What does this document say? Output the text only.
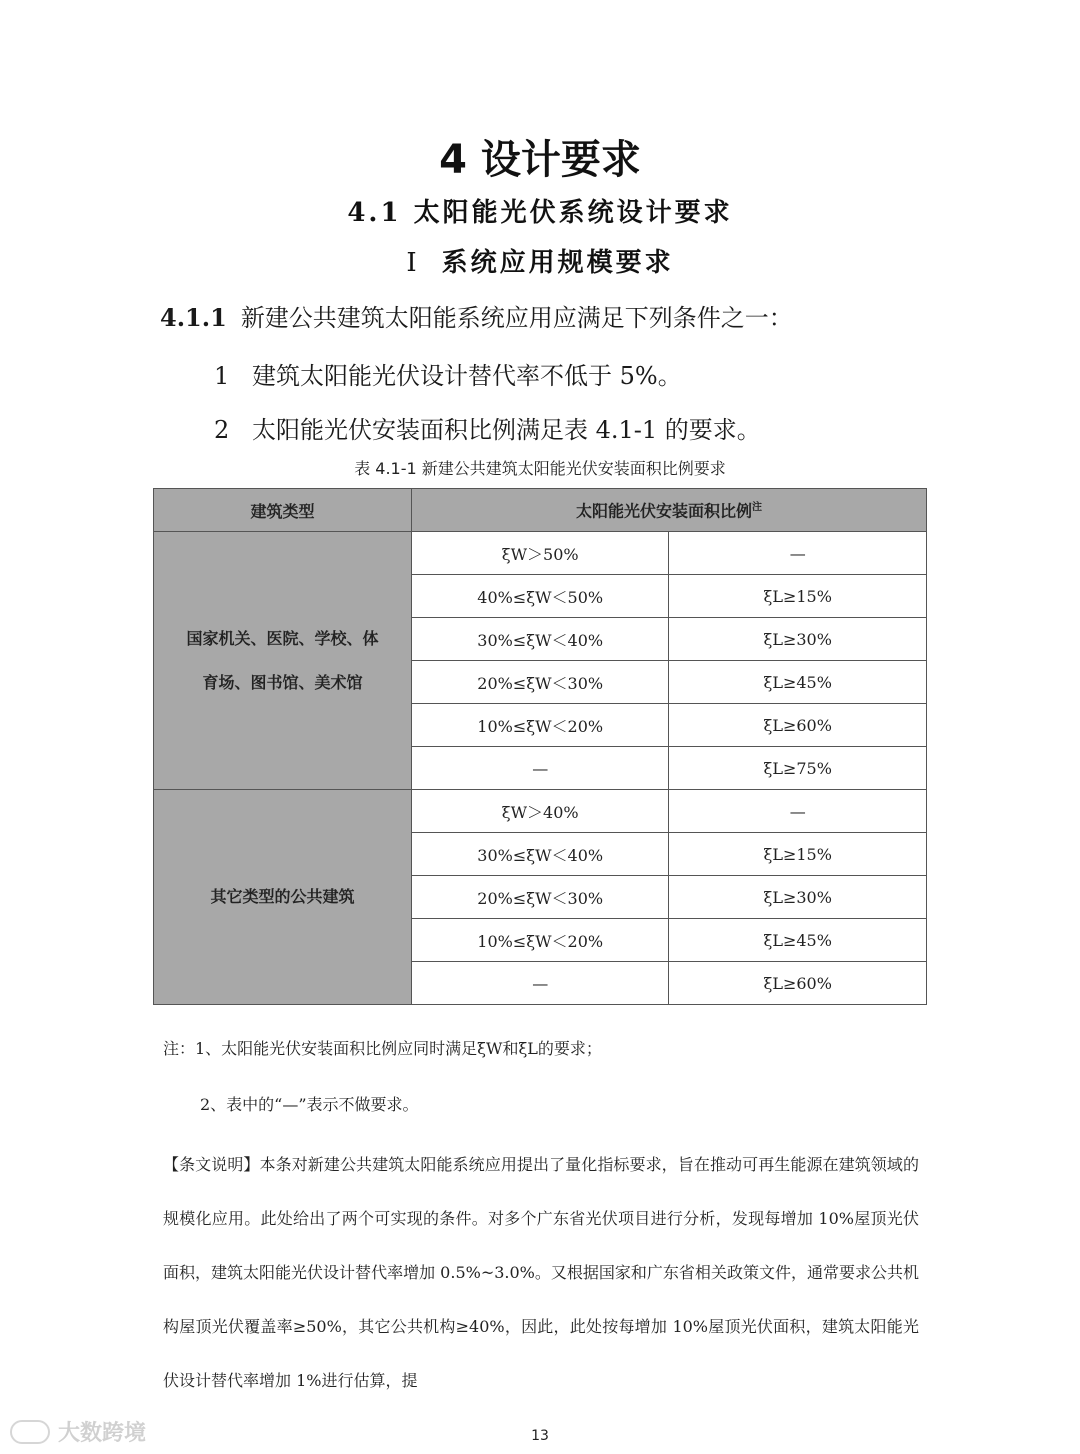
4 设计要求
4.1 太阳能光伏系统设计要求
Ⅰ 系统应用规模要求
4.1.1 新建公共建筑太阳能系统应用应满足下列条件之一：
1 建筑太阳能光伏设计替代率不低于 5%。
2 太阳能光伏安装面积比例满足表 4.1-1 的要求。
表 4.1-1 新建公共建筑太阳能光伏安装面积比例要求
建筑类型	太阳能光伏安装面积比例$^注$

国家机关、医院、学校、体
育场、图书馆、美术馆	ξW＞50%	—
	40%≤ξW＜50%	ξL≥15%
	30%≤ξW＜40%	ξL≥30%
	20%≤ξW＜30%	ξL≥45%
	10%≤ξW＜20%	ξL≥60%
	—	ξL≥75%

其它类型的公共建筑	ξW＞40%	—
	30%≤ξW＜40%	ξL≥15%
	20%≤ξW＜30%	ξL≥30%
	10%≤ξW＜20%	ξL≥45%
	—	ξL≥60%
注：1、太阳能光伏安装面积比例应同时满足ξW和ξL的要求；
2、表中的“—”表示不做要求。
【条文说明】本条对新建公共建筑太阳能系统应用提出了量化指标要求，旨在推动可再生能源在建筑领域的规模化应用。此处给出了两个可实现的条件。对多个广东省光伏项目进行分析，发现每增加 10%屋顶光伏面积，建筑太阳能光伏设计替代率增加 0.5%~3.0%。又根据国家和广东省相关政策文件，通常要求公共机构屋顶光伏覆盖率≥50%，其它公共机构≥40%，因此，此处按每增加 10%屋顶光伏面积，建筑太阳能光伏设计替代率增加 1%进行估算，提
13
大数跨境
